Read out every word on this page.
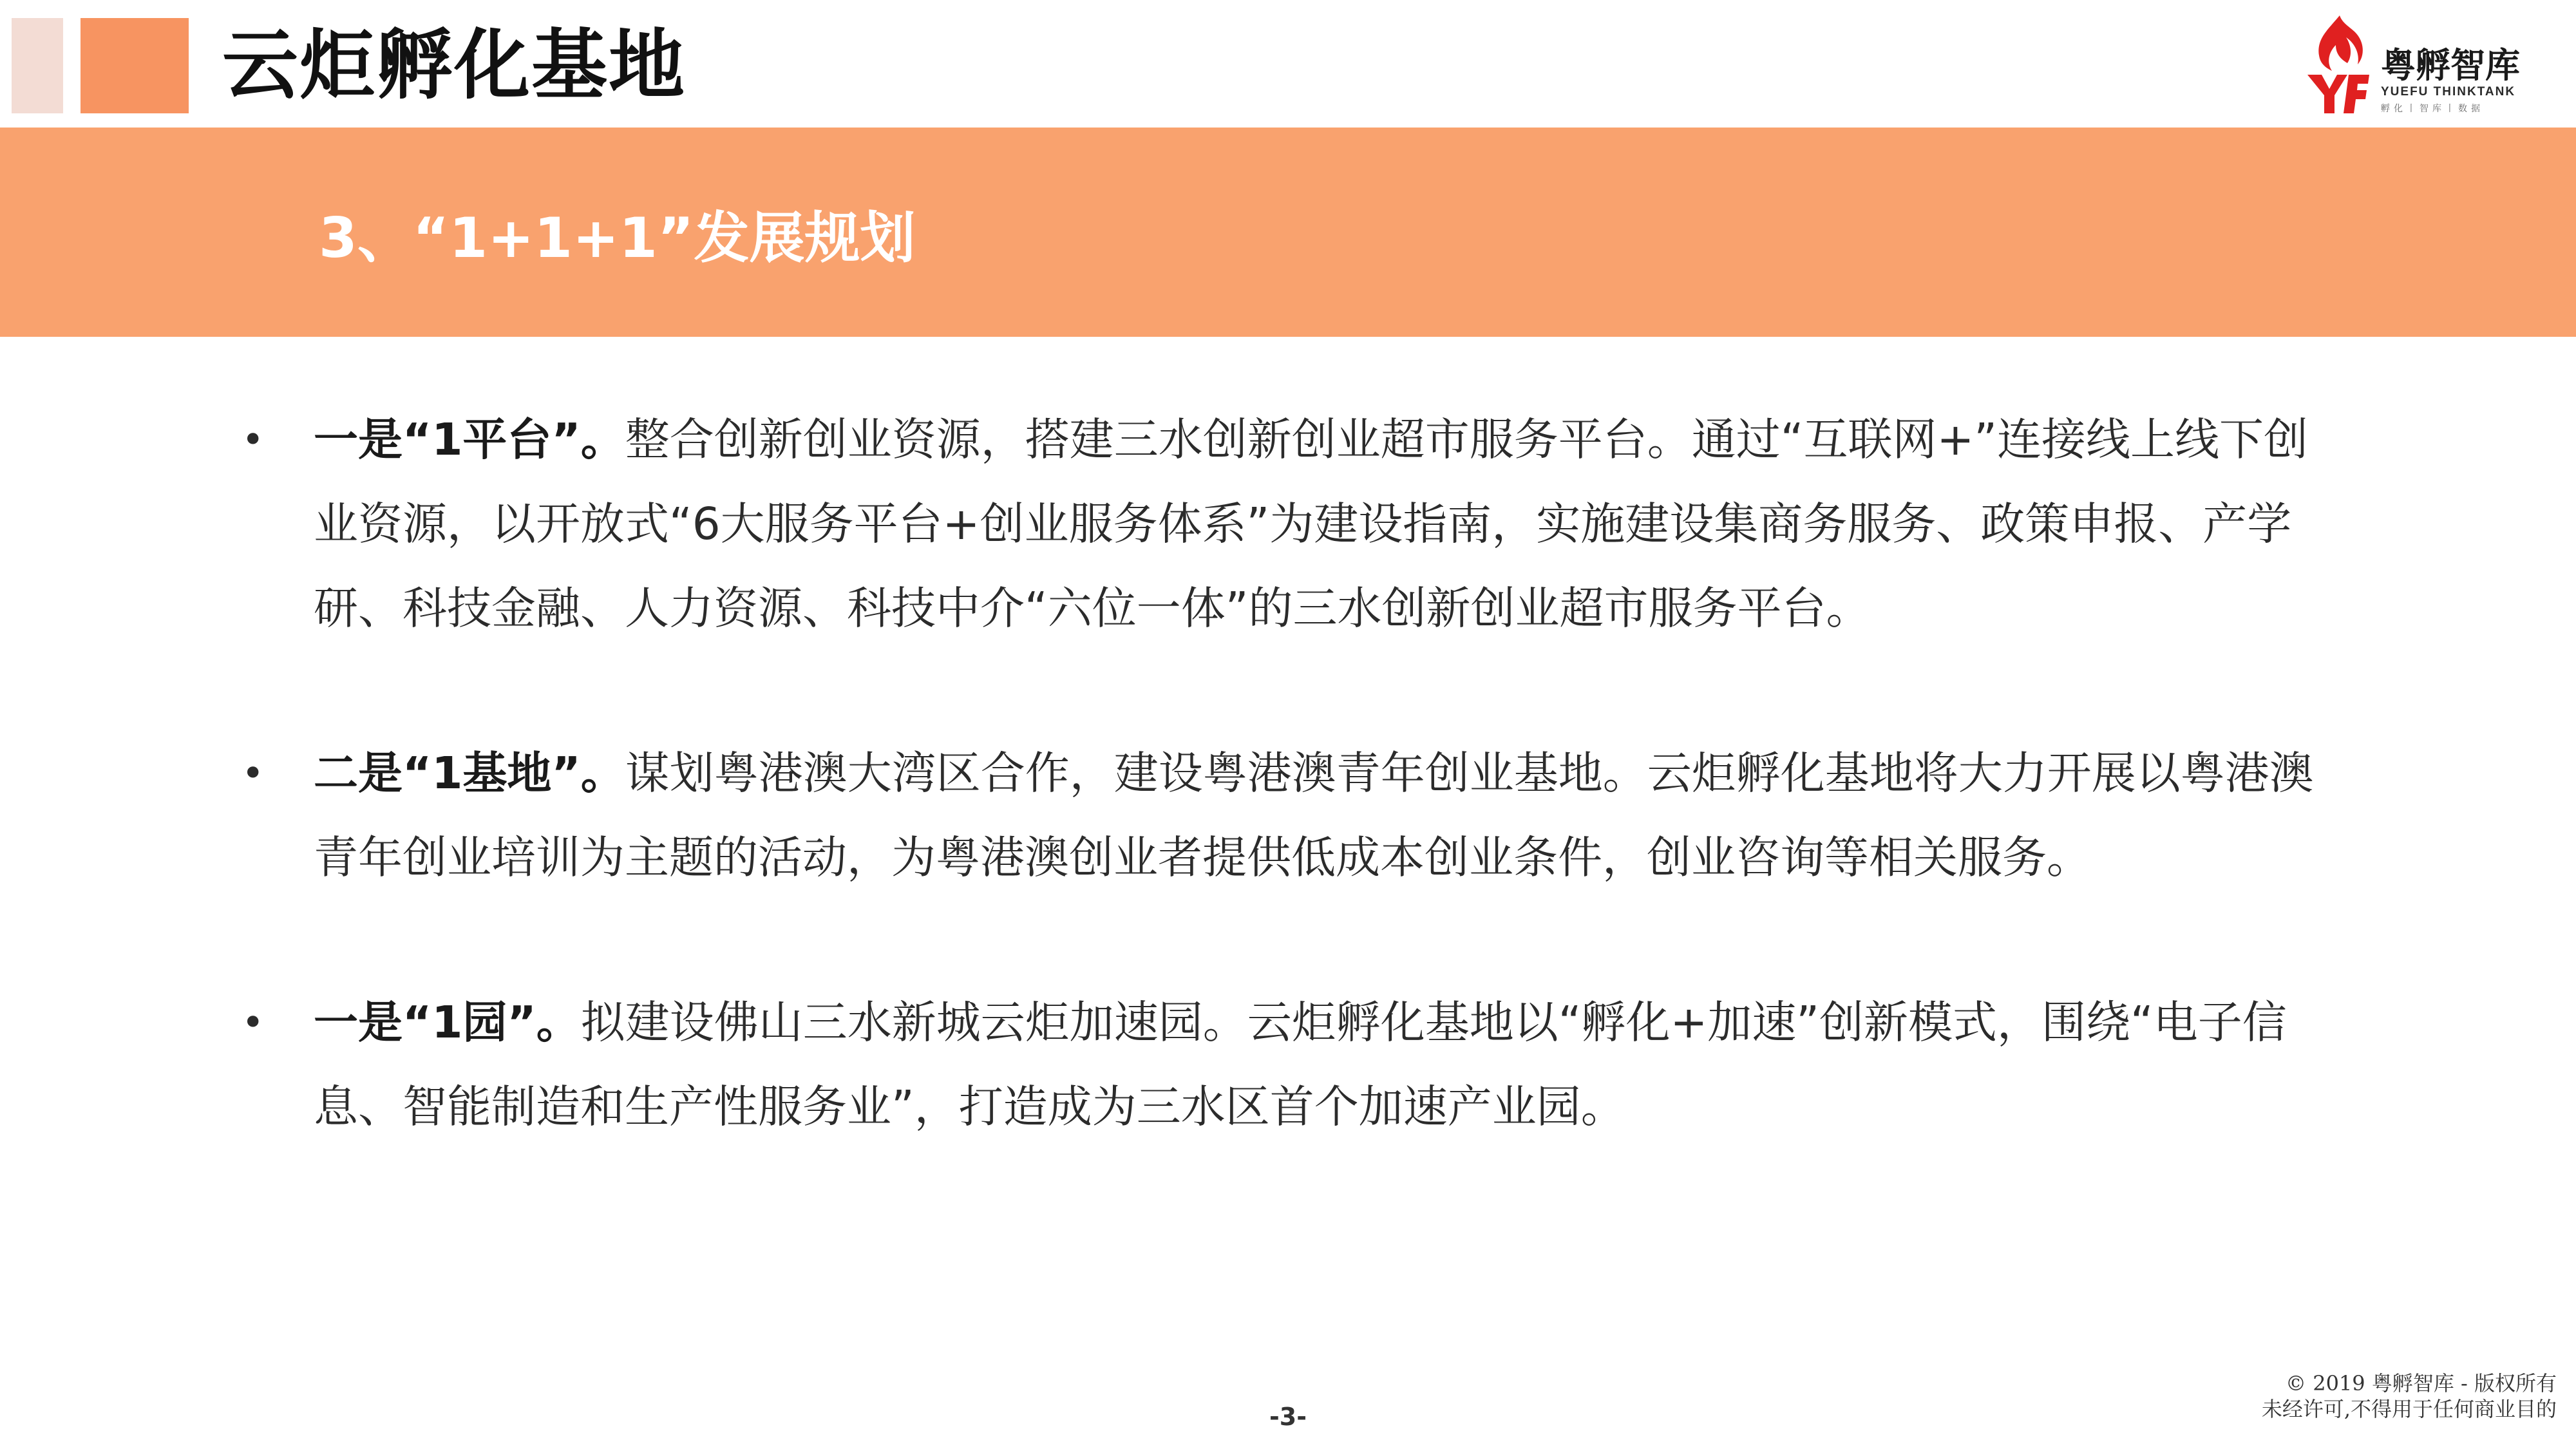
云炬孵化基地	粤孵智库
YUEFU THINKTANK
孵化丨智库丨数据
3、“1+1+1”发展规划
• 一是“1平台”。整合创新创业资源，搭建三水创新创业超市服务平台。通过“互联网+”连接线上线下创业资源，以开放式“6大服务平台+创业服务体系”为建设指南，实施建设集商务服务、政策申报、产学研、科技金融、人力资源、科技中介“六位一体”的三水创新创业超市服务平台。
• 二是“1基地”。谋划粤港澳大湾区合作，建设粤港澳青年创业基地。云炬孵化基地将大力开展以粤港澳青年创业培训为主题的活动，为粤港澳创业者提供低成本创业条件，创业咨询等相关服务。
• 一是“1园”。拟建设佛山三水新城云炬加速园。云炬孵化基地以“孵化+加速”创新模式，围绕“电子信息、智能制造和生产性服务业”，打造成为三水区首个加速产业园。
-3-
© 2019 粤孵智库 - 版权所有
未经许可,不得用于任何商业目的
